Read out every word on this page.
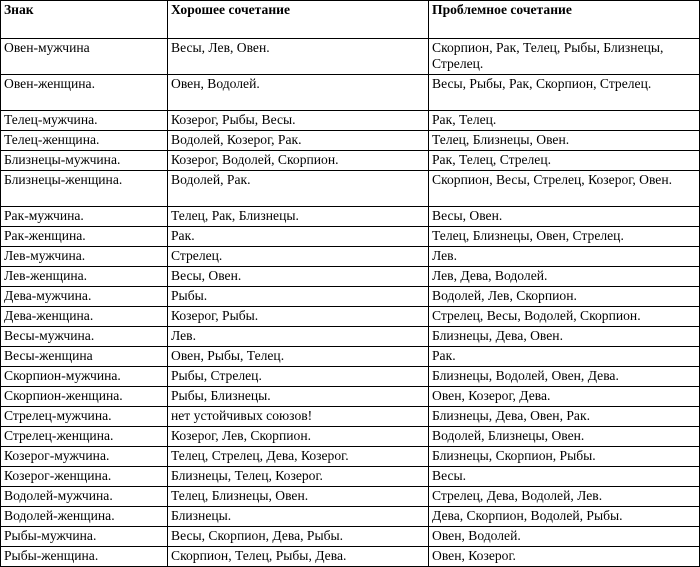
Знак	Хорошее сочетание	Проблемное сочетание
Овен-мужчина	Весы, Лев, Овен.	Скорпион, Рак, Телец, Рыбы, Близнецы, Стрелец.
Овен-женщина.	Овен, Водолей.	Весы, Рыбы, Рак, Скорпион, Стрелец.
Телец-мужчина.	Козерог, Рыбы, Весы.	Рак, Телец.
Телец-женщина.	Водолей, Козерог, Рак.	Телец, Близнецы, Овен.
Близнецы-мужчина.	Козерог, Водолей, Скорпион.	Рак, Телец, Стрелец.
Близнецы-женщина.	Водолей, Рак.	Скорпион, Весы, Стрелец, Козерог, Овен.
Рак-мужчина.	Телец, Рак, Близнецы.	Весы, Овен.
Рак-женщина.	Рак.	Телец, Близнецы, Овен, Стрелец.
Лев-мужчина.	Стрелец.	Лев.
Лев-женщина.	Весы, Овен.	Лев, Дева, Водолей.
Дева-мужчина.	Рыбы.	Водолей, Лев, Скорпион.
Дева-женщина.	Козерог, Рыбы.	Стрелец, Весы, Водолей, Скорпион.
Весы-мужчина.	Лев.	Близнецы, Дева, Овен.
Весы-женщина	Овен, Рыбы, Телец.	Рак.
Скорпион-мужчина.	Рыбы, Стрелец.	Близнецы, Водолей, Овен, Дева.
Скорпион-женщина.	Рыбы, Близнецы.	Овен, Козерог, Дева.
Стрелец-мужчина.	нет устойчивых союзов!	Близнецы, Дева, Овен, Рак.
Стрелец-женщина.	Козерог, Лев, Скорпион.	Водолей, Близнецы, Овен.
Козерог-мужчина.	Телец, Стрелец, Дева, Козерог.	Близнецы, Скорпион, Рыбы.
Козерог-женщина.	Близнецы, Телец, Козерог.	Весы.
Водолей-мужчина.	Телец, Близнецы, Овен.	Стрелец, Дева, Водолей, Лев.
Водолей-женщина.	Близнецы.	Дева, Скорпион, Водолей, Рыбы.
Рыбы-мужчина.	Весы, Скорпион, Дева, Рыбы.	Овен, Водолей.
Рыбы-женщина.	Скорпион, Телец, Рыбы, Дева.	Овен, Козерог.
